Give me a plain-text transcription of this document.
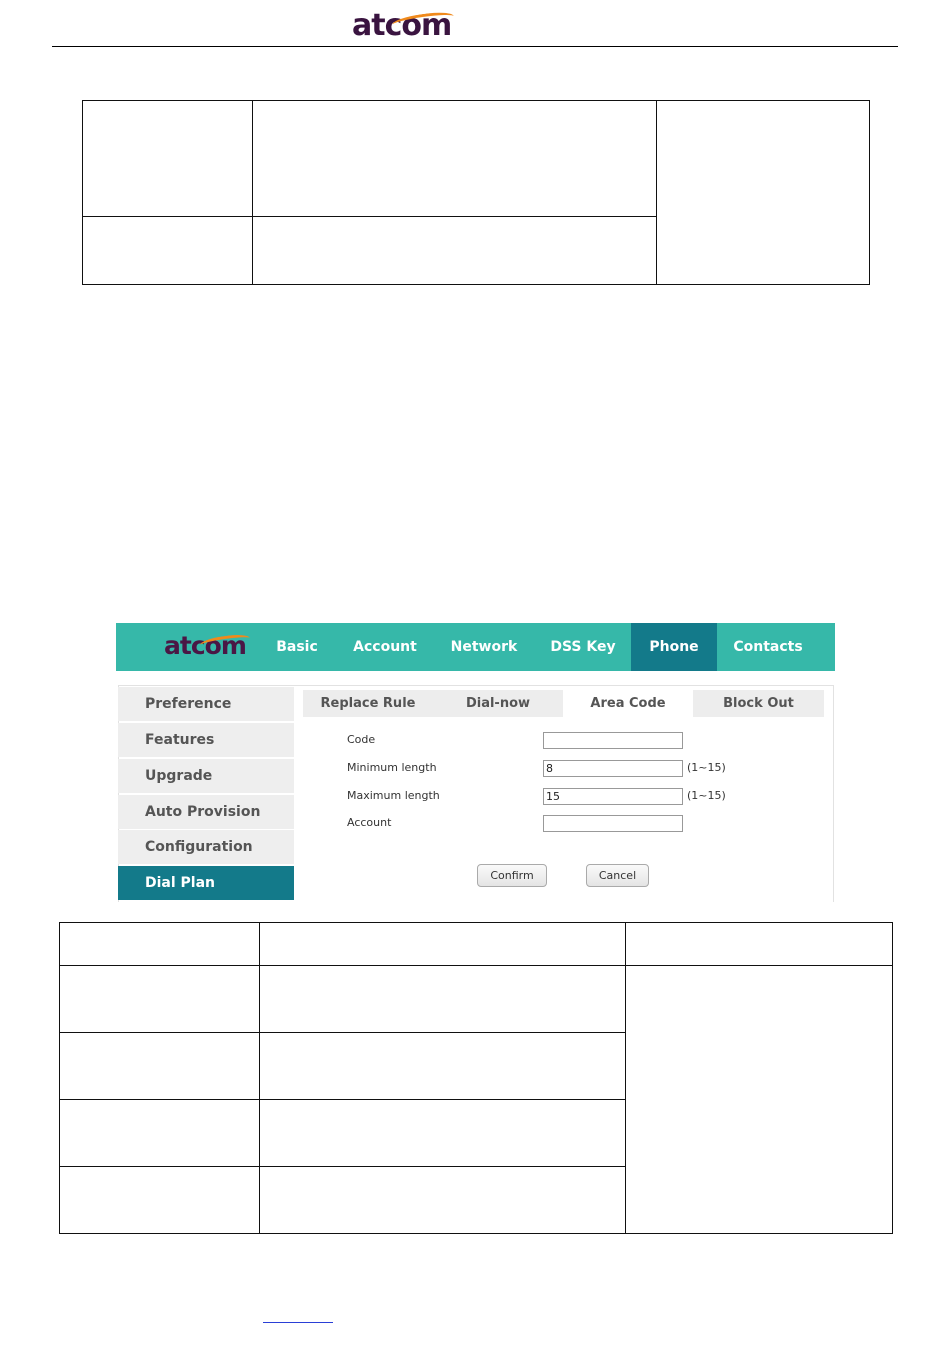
atcom

atcom	Basic	Account	Network	DSS Key	Phone	Contacts
Preference
Features
Upgrade
Auto Provision
Configuration
Dial Plan
Replace Rule	Dial-now	Area Code	Block Out
Code
Minimum length	8	(1~15)
Maximum length	15	(1~15)
Account
Confirm	Cancel
